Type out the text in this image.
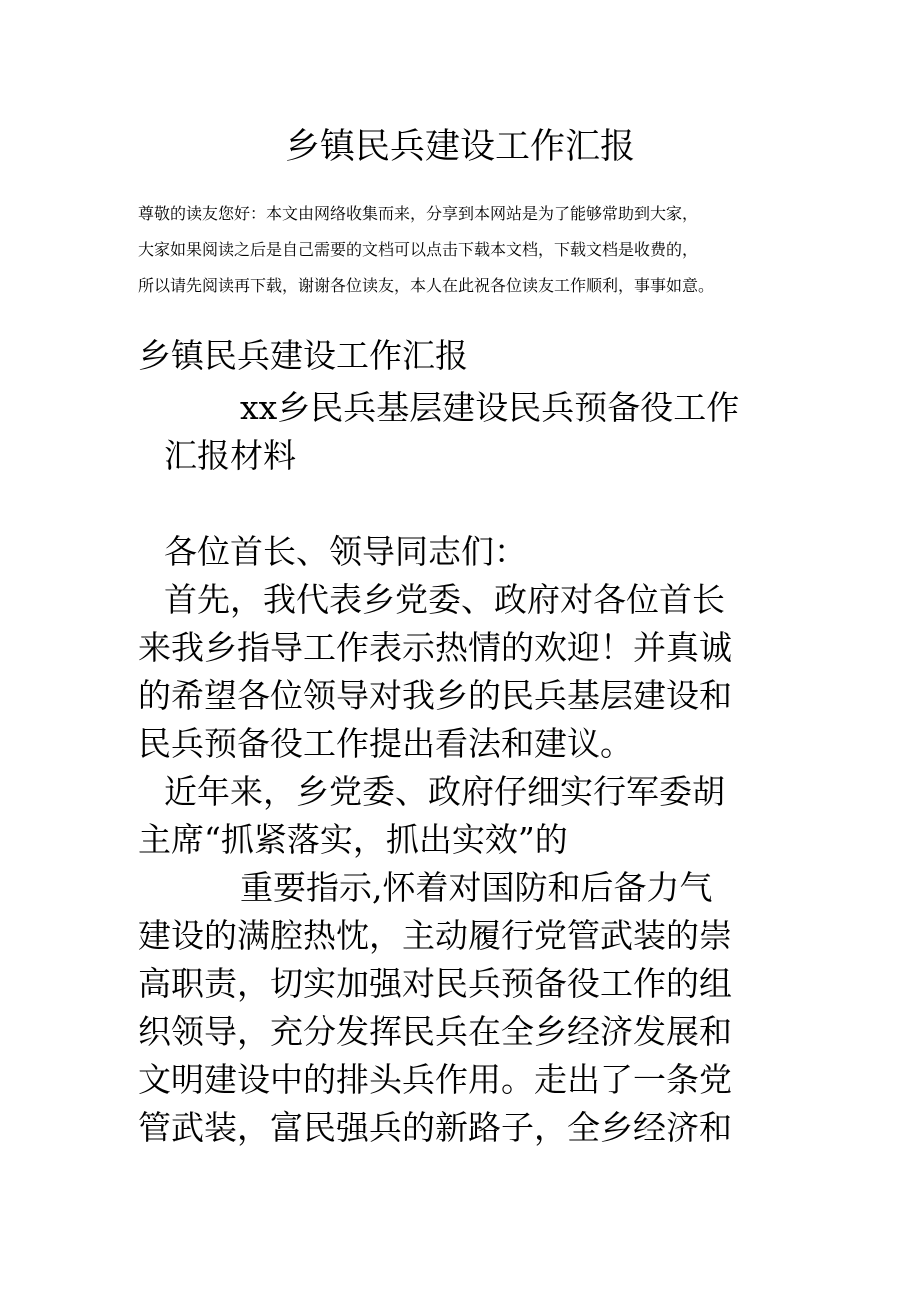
乡镇民兵建设工作汇报
尊敬的读友您好：本文由网络收集而来，分享到本网站是为了能够常助到大家，
大家如果阅读之后是自己需要的文档可以点击下载本文档，下载文档是收费的，
所以请先阅读再下载，谢谢各位读友，本人在此祝各位读友工作顺利，事事如意。
乡镇民兵建设工作汇报
xx乡民兵基层建设民兵预备役工作
汇报材料
各位首长、领导同志们：
首先，我代表乡党委、政府对各位首长
来我乡指导工作表示热情的欢迎！并真诚
的希望各位领导对我乡的民兵基层建设和
民兵预备役工作提出看法和建议。
近年来，乡党委、政府仔细实行军委胡
主席“抓紧落实，抓出实效”的
重要指示,怀着对国防和后备力气
建设的满腔热忱，主动履行党管武装的崇
高职责，切实加强对民兵预备役工作的组
织领导，充分发挥民兵在全乡经济发展和
文明建设中的排头兵作用。走出了一条党
管武装，富民强兵的新路子，全乡经济和
